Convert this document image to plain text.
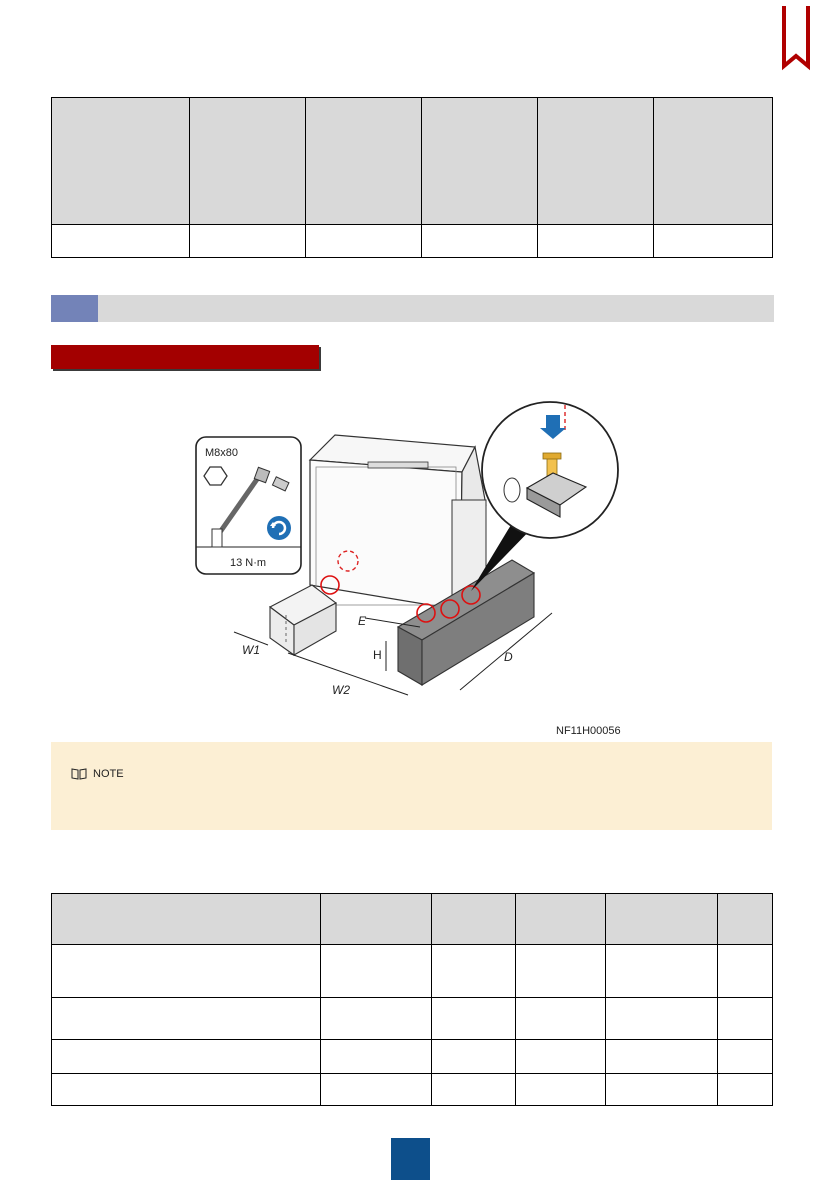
M8x80
13 N·m
W1
W2
E
H	D
NF11H00056
NOTE
